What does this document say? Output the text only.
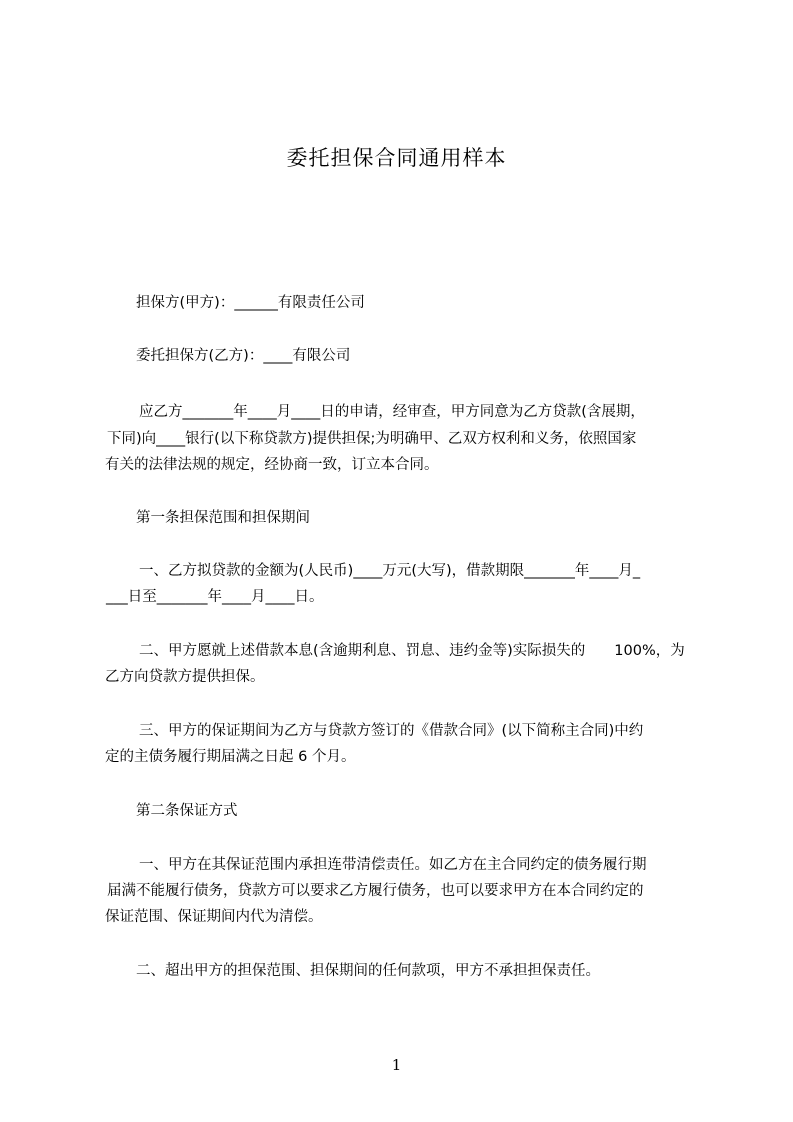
委托担保合同通用样本
担保方(甲方)：______有限责任公司
委托担保方(乙方)：____有限公司
应乙方_______年____月____日的申请，经审查，甲方同意为乙方贷款(含展期，
下同)向____银行(以下称贷款方)提供担保;为明确甲、乙双方权利和义务，依照国家
有关的法律法规的规定，经协商一致，订立本合同。
第一条担保范围和担保期间
一、乙方拟贷款的金额为(人民币)____万元(大写)，借款期限_______年____月_
___日至_______年____月____日。
二、甲方愿就上述借款本息(含逾期利息、罚息、违约金等)实际损失的　　100%，为
乙方向贷款方提供担保。
三、甲方的保证期间为乙方与贷款方签订的《借款合同》(以下简称主合同)中约
定的主债务履行期届满之日起 6 个月。
第二条保证方式
一、甲方在其保证范围内承担连带清偿责任。如乙方在主合同约定的债务履行期
届满不能履行债务，贷款方可以要求乙方履行债务，也可以要求甲方在本合同约定的
保证范围、保证期间内代为清偿。
二、超出甲方的担保范围、担保期间的任何款项，甲方不承担担保责任。
1
